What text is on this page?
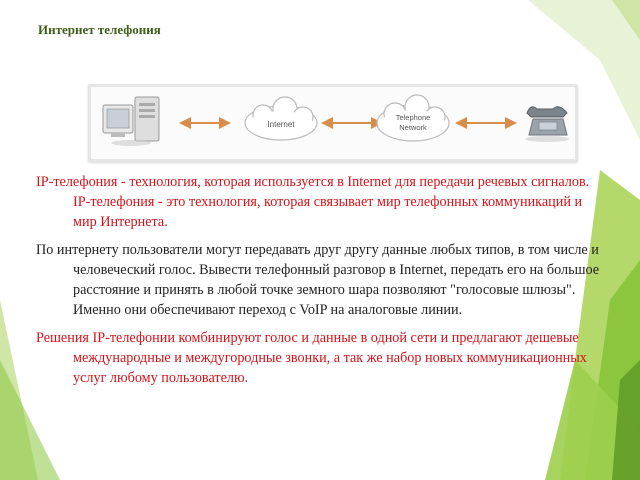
Интернет телефония
Internet
Telephone
Network

IP-телефония - технология, которая используется в Internet для передачи речевых сигналов. IP-телефония - это технология, которая связывает мир телефонных коммуникаций и мир Интернета.

По интернету пользователи могут передавать друг другу данные любых типов, в том числе и человеческий голос. Вывести телефонный разговор в Internet, передать его на большое расстояние и принять в любой точке земного шара позволяют "голосовые шлюзы". Именно они обеспечивают переход с VoIP на аналоговые линии.

Решения IP-телефонии комбинируют голос и данные в одной сети и предлагают дешевые международные и междугородные звонки, а так же набор новых коммуникационных услуг любому пользователю.
